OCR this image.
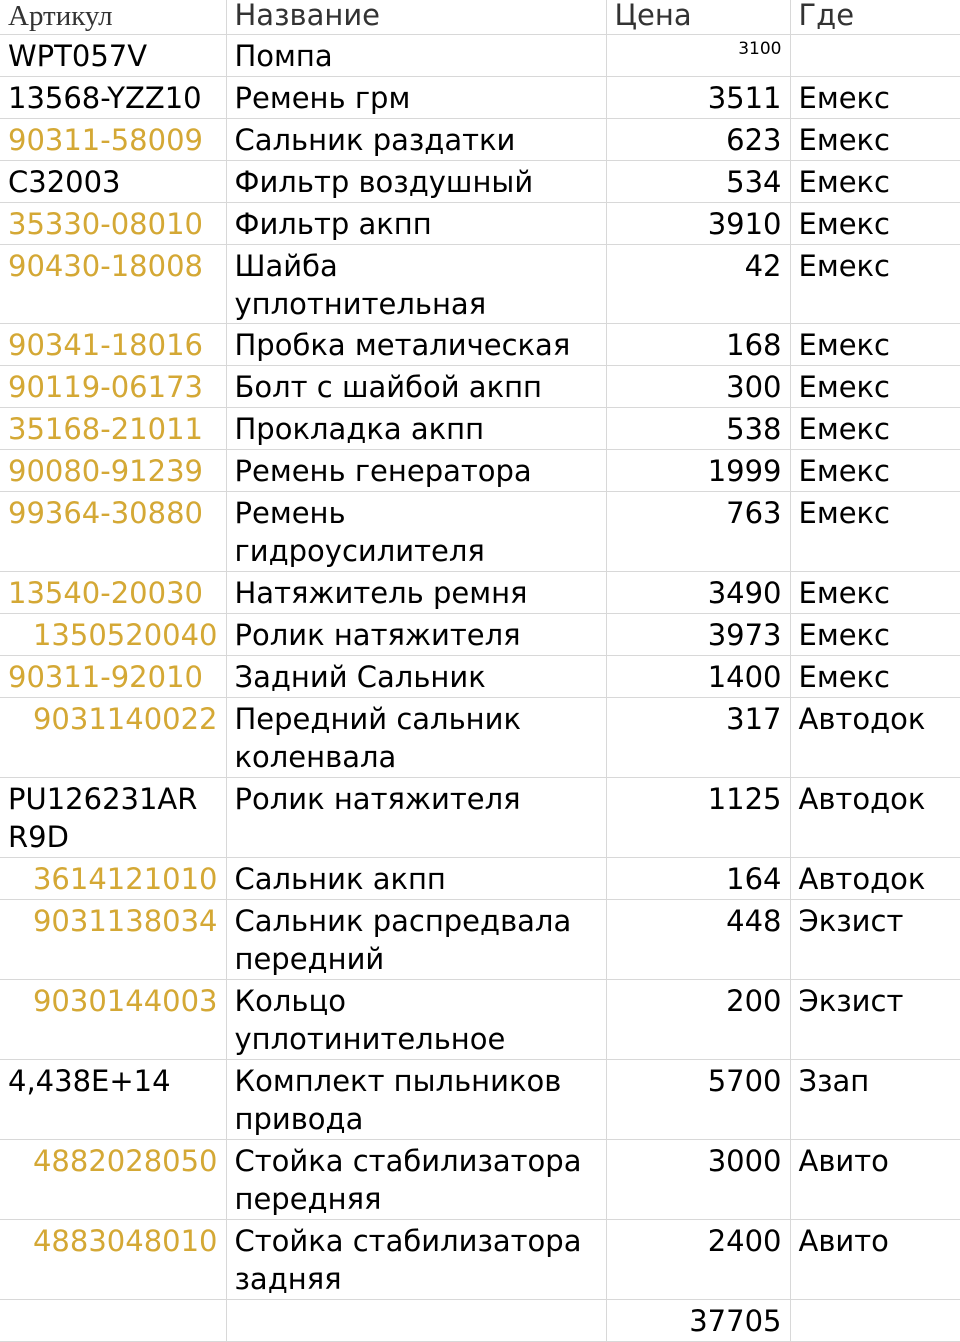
Артикул	Название	Цена	Где
WPT057V	Помпа	3100	
13568-YZZ10	Ремень грм	3511	Емекс
90311-58009	Сальник раздатки	623	Емекс
C32003	Фильтр воздушный	534	Емекс
35330-08010	Фильтр акпп	3910	Емекс
90430-18008	Шайба уплотнительная	42	Емекс
90341-18016	Пробка металическая	168	Емекс
90119-06173	Болт с шайбой акпп	300	Емекс
35168-21011	Прокладка акпп	538	Емекс
90080-91239	Ремень генератора	1999	Емекс
99364-30880	Ремень гидроусилителя	763	Емекс
13540-20030	Натяжитель ремня	3490	Емекс
1350520040	Ролик натяжителя	3973	Емекс
90311-92010	Задний Сальник	1400	Емекс
9031140022	Передний сальник коленвала	317	Автодок
PU126231AR R9D	Ролик натяжителя	1125	Автодок
3614121010	Сальник акпп	164	Автодок
9031138034	Сальник распредвала передний	448	Экзист
9030144003	Кольцо уплотинительное	200	Экзист
4,438E+14	Комплект пыльников привода	5700	Ззап
4882028050	Стойка стабилизатора передняя	3000	Авито
4883048010	Стойка стабилизатора задняя	2400	Авито
		37705	
